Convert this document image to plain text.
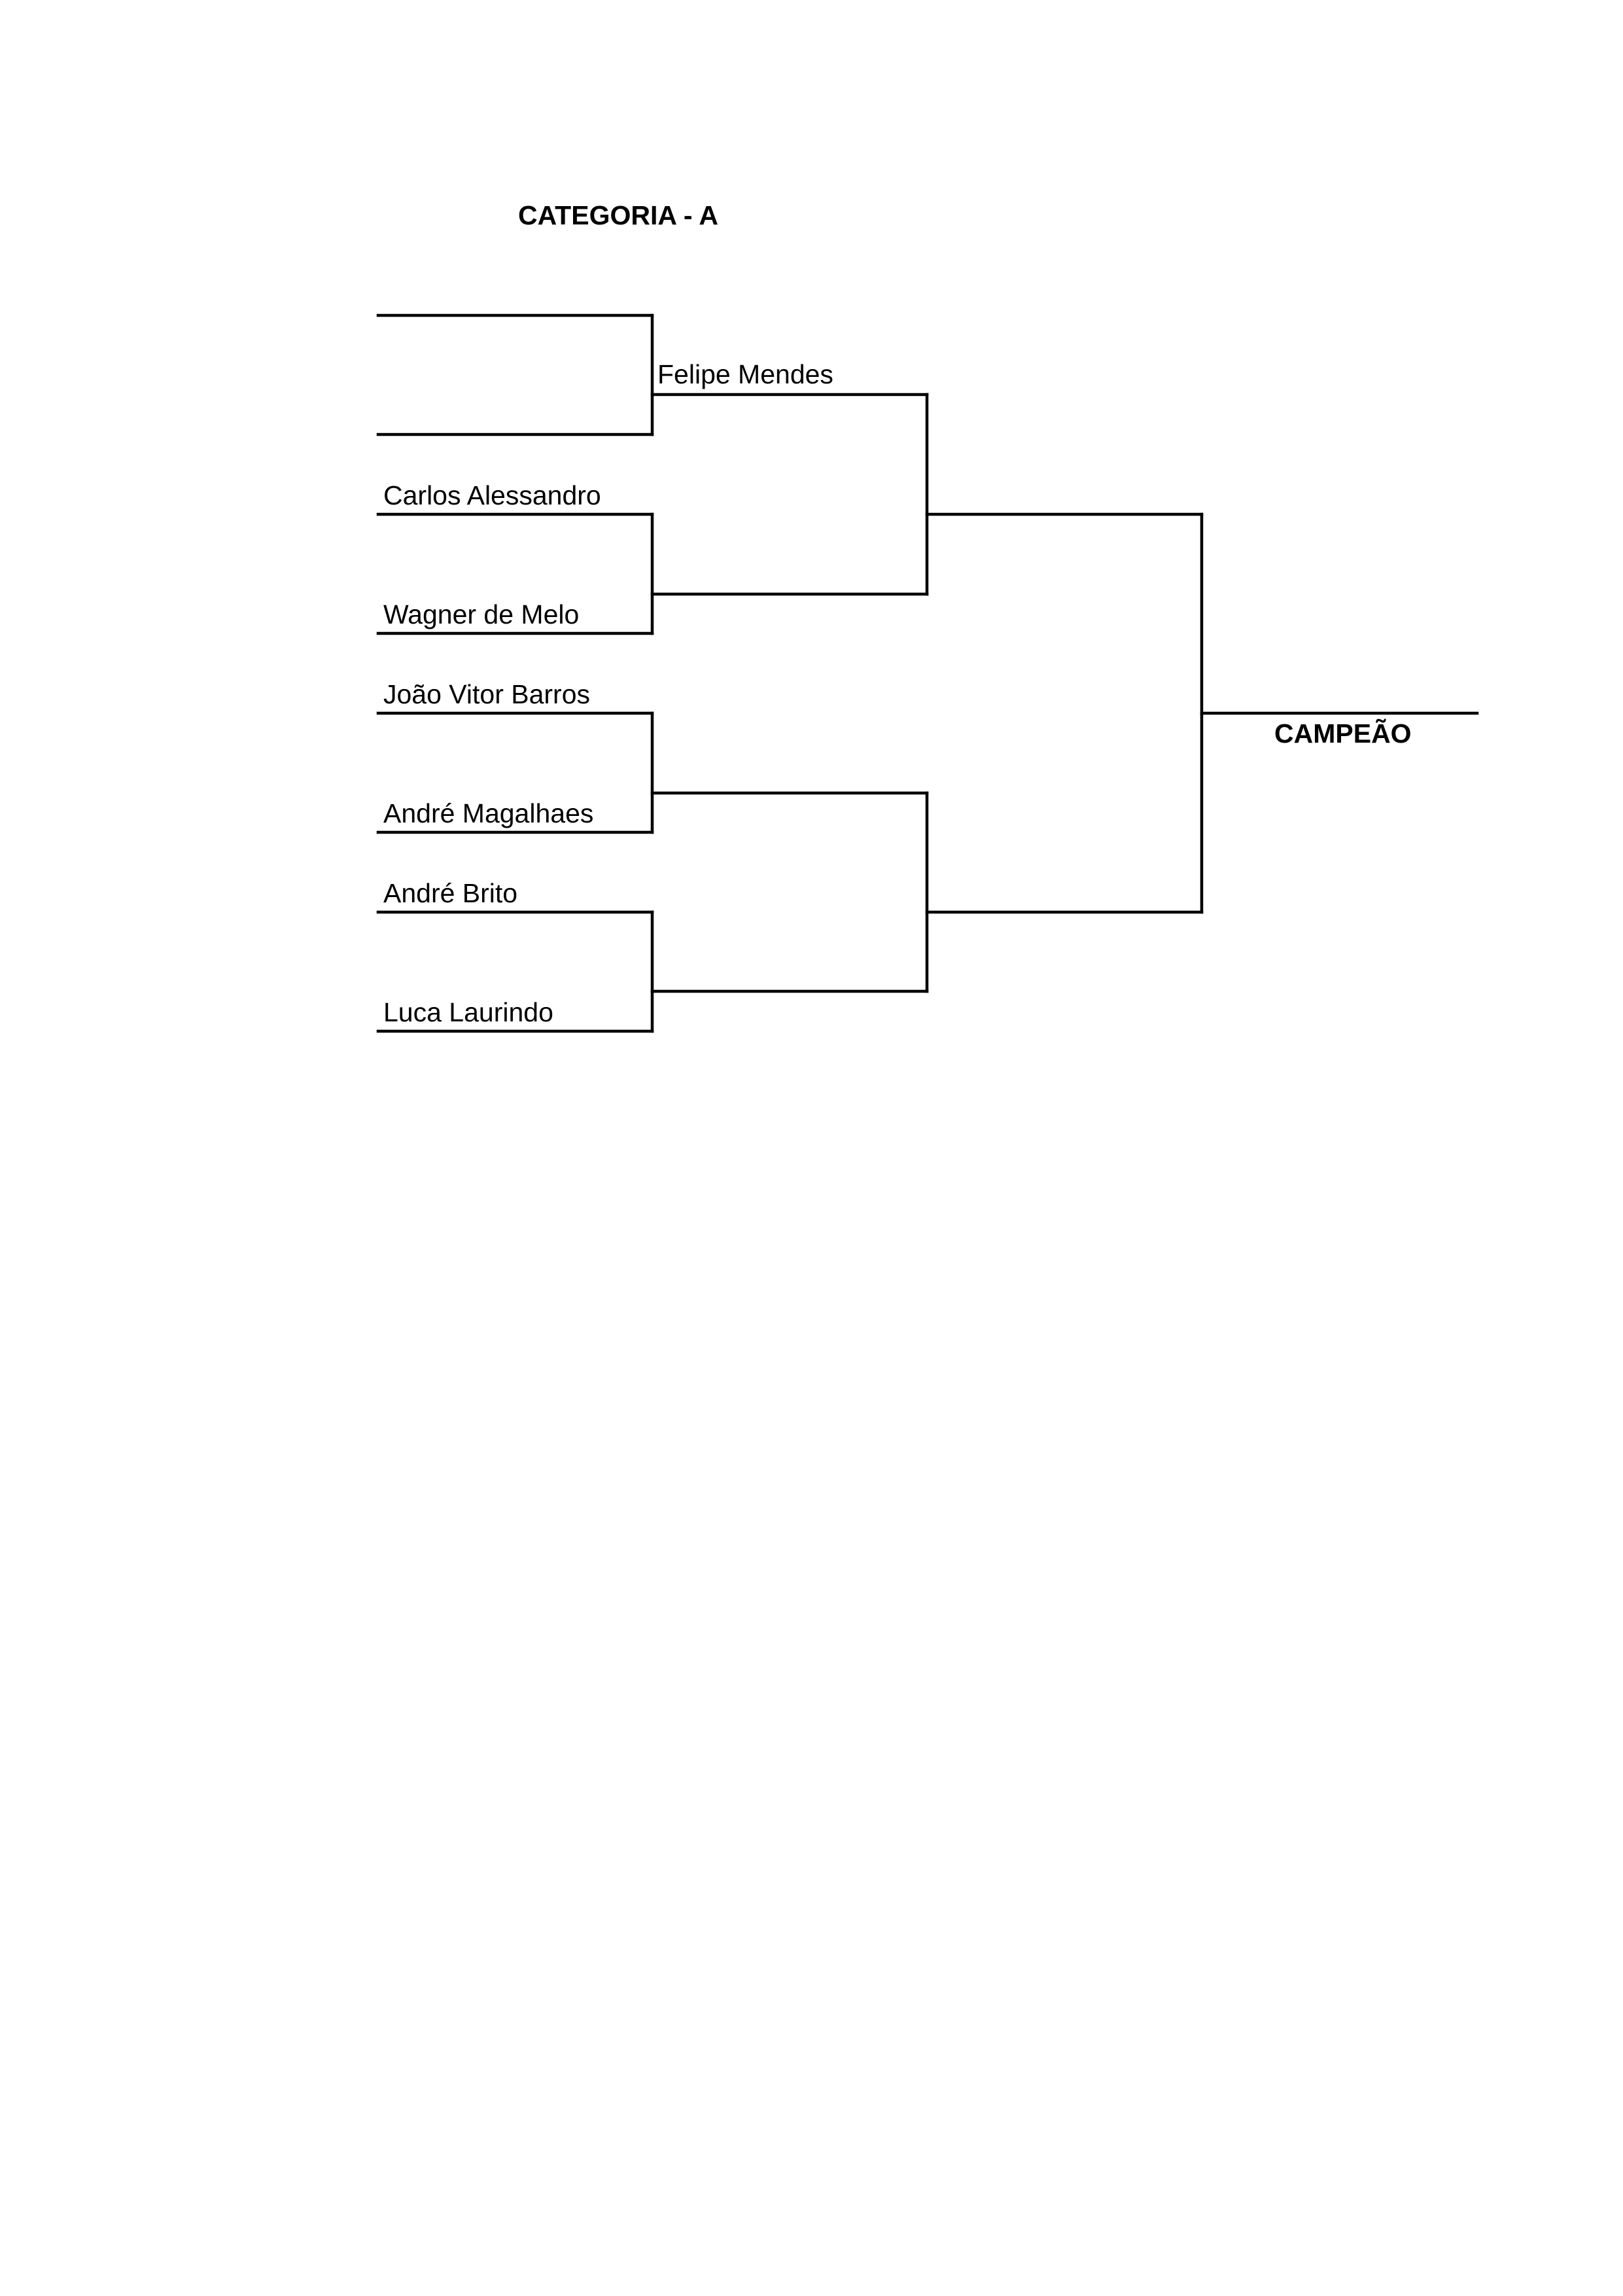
CATEGORIA - A
Carlos Alessandro
Wagner de Melo
João Vitor Barros
André Magalhaes
André Brito
Luca Laurindo
Felipe Mendes
CAMPEÃO
